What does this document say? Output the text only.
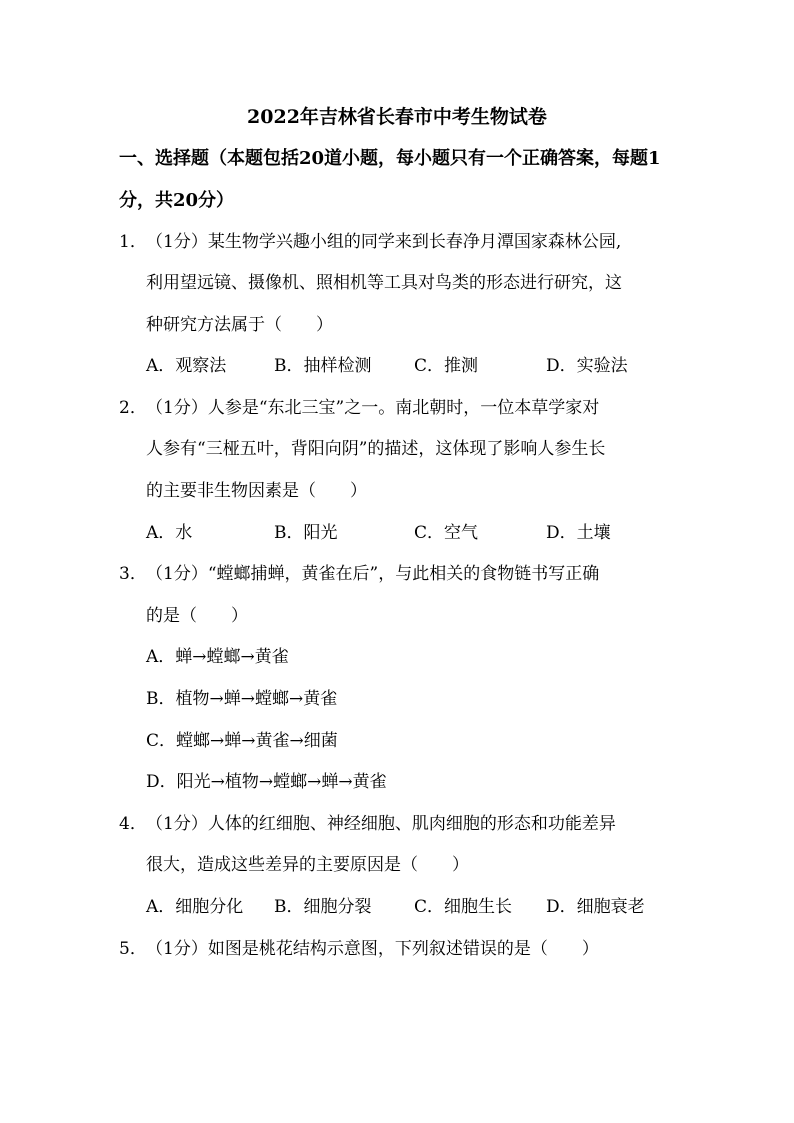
2022年吉林省长春市中考生物试卷
一、选择题（本题包括20道小题，每小题只有一个正确答案，每题1
分，共20分）
1． （1分）某生物学兴趣小组的同学来到长春净月潭国家森林公园,
利用望远镜、摄像机、照相机等工具对鸟类的形态进行研究，这
种研究方法属于（　　）
A．观察法	B．抽样检测	C．推测	D．实验法
2． （1分）人参是“东北三宝”之一。南北朝时，一位本草学家对
人参有“三桠五叶，背阳向阴”的描述，这体现了影响人参生长
的主要非生物因素是（　　）
A．水	B．阳光	C．空气	D．土壤
3． （1分）“螳螂捕蝉，黄雀在后”，与此相关的食物链书写正确
的是（　　）
A．蝉→螳螂→黄雀
B．植物→蝉→螳螂→黄雀
C．螳螂→蝉→黄雀→细菌
D．阳光→植物→螳螂→蝉→黄雀
4． （1分）人体的红细胞、神经细胞、肌肉细胞的形态和功能差异
很大，造成这些差异的主要原因是（　　）
A．细胞分化 B．细胞分裂	C．细胞生长 D．细胞衰老
5． （1分）如图是桃花结构示意图，下列叙述错误的是（　　）
